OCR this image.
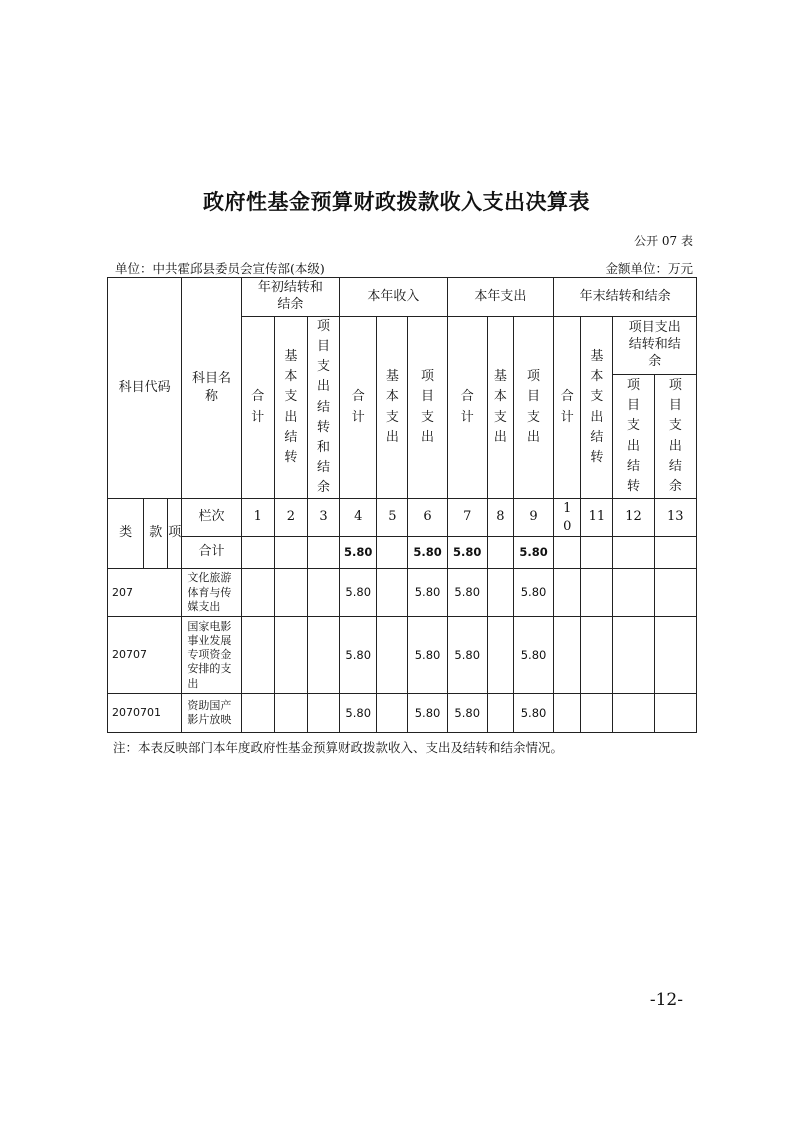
政府性基金预算财政拨款收入支出决算表
公开 07 表
单位：中共霍邱县委员会宣传部(本级)	金额单位：万元
科目代码			科目名称	年初结转和结余			本年收入			本年支出			年末结转和结余			
				合计	基本支出结转	项目支出结转和结余	合计	基本支出	项目支出	合计	基本支出	项目支出	合计	基本支出结转	项目支出结转和结余	
															项目支出结转	项目支出结余

类	款	项	栏次	1	2	3	4	5	6	7	8	9	10	11	12	13
			合计				5.80		5.80	5.80		5.80				
207			文化旅游体育与传媒支出				5.80		5.80	5.80		5.80				
20707			国家电影事业发展专项资金安排的支出				5.80		5.80	5.80		5.80				
2070701			资助国产影片放映				5.80		5.80	5.80		5.80				
注：本表反映部门本年度政府性基金预算财政拨款收入、支出及结转和结余情况。
-12-
